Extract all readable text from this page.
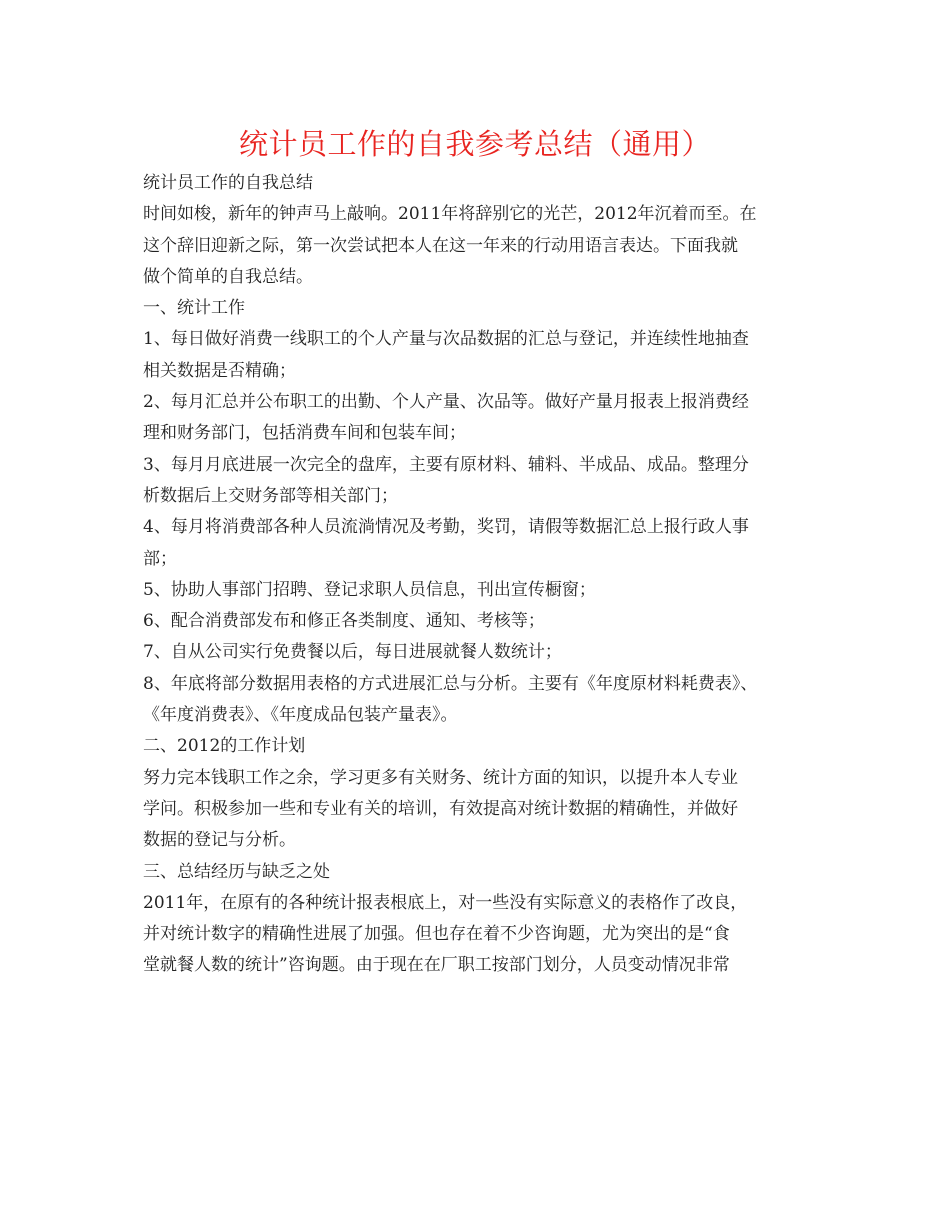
统计员工作的自我参考总结（通用）
统计员工作的自我总结
时间如梭，新年的钟声马上敲响。2011年将辞别它的光芒，2012年沉着而至。在
这个辞旧迎新之际，第一次尝试把本人在这一年来的行动用语言表达。下面我就
做个简单的自我总结。
一、统计工作
1、每日做好消费一线职工的个人产量与次品数据的汇总与登记，并连续性地抽查
相关数据是否精确；
2、每月汇总并公布职工的出勤、个人产量、次品等。做好产量月报表上报消费经
理和财务部门，包括消费车间和包装车间；
3、每月月底进展一次完全的盘库，主要有原材料、辅料、半成品、成品。整理分
析数据后上交财务部等相关部门；
4、每月将消费部各种人员流淌情况及考勤，奖罚，请假等数据汇总上报行政人事
部；
5、协助人事部门招聘、登记求职人员信息，刊出宣传橱窗；
6、配合消费部发布和修正各类制度、通知、考核等；
7、自从公司实行免费餐以后，每日进展就餐人数统计；
8、年底将部分数据用表格的方式进展汇总与分析。主要有《年度原材料耗费表》、
《年度消费表》、《年度成品包装产量表》。
二、2012的工作计划
努力完本钱职工作之余，学习更多有关财务、统计方面的知识，以提升本人专业
学问。积极参加一些和专业有关的培训，有效提高对统计数据的精确性，并做好
数据的登记与分析。
三、总结经历与缺乏之处
2011年，在原有的各种统计报表根底上，对一些没有实际意义的表格作了改良，
并对统计数字的精确性进展了加强。但也存在着不少咨询题，尤为突出的是“食
堂就餐人数的统计”咨询题。由于现在在厂职工按部门划分，人员变动情况非常
